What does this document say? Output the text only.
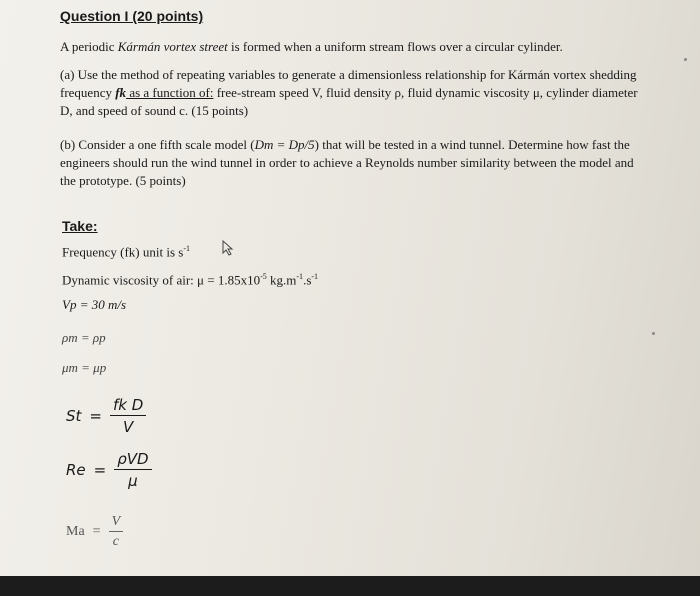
Question I (20 points)
A periodic Kármán vortex street is formed when a uniform stream flows over a circular cylinder.
(a) Use the method of repeating variables to generate a dimensionless relationship for Kármán vortex shedding frequency fk as a function of: free-stream speed V, fluid density ρ, fluid dynamic viscosity μ, cylinder diameter D, and speed of sound c. (15 points)
(b) Consider a one fifth scale model (Dm = Dp/5) that will be tested in a wind tunnel. Determine how fast the engineers should run the wind tunnel in order to achieve a Reynolds number similarity between the model and the prototype. (5 points)
Take:
Frequency (fk) unit is $s^{-1}$
Dynamic viscosity of air: $\mu = 1.85x10^{-5}$ $kg.m^{-1}.s^{-1}$
Vp = 30 m/s
ρm = ρp
μm = μp
$St = \frac{\text{fk D}}{V}$
$Re = \frac{\text{ρVD}}{\mu}$
$Ma = \frac{V}{c}$
